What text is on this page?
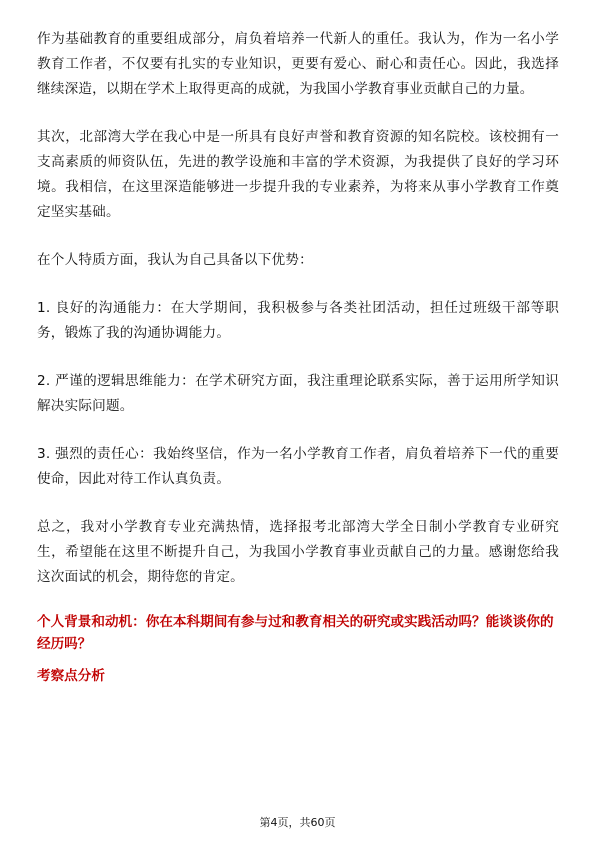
作为基础教育的重要组成部分，肩负着培养一代新人的重任。我认为，作为一名小学教育工作者，不仅要有扎实的专业知识，更要有爱心、耐心和责任心。因此，我选择继续深造，以期在学术上取得更高的成就，为我国小学教育事业贡献自己的力量。

其次，北部湾大学在我心中是一所具有良好声誉和教育资源的知名院校。该校拥有一支高素质的师资队伍，先进的教学设施和丰富的学术资源，为我提供了良好的学习环境。我相信，在这里深造能够进一步提升我的专业素养，为将来从事小学教育工作奠定坚实基础。

在个人特质方面，我认为自己具备以下优势：

1. 良好的沟通能力：在大学期间，我积极参与各类社团活动，担任过班级干部等职务，锻炼了我的沟通协调能力。

2. 严谨的逻辑思维能力：在学术研究方面，我注重理论联系实际，善于运用所学知识解决实际问题。

3. 强烈的责任心：我始终坚信，作为一名小学教育工作者，肩负着培养下一代的重要使命，因此对待工作认真负责。

总之，我对小学教育专业充满热情，选择报考北部湾大学全日制小学教育专业研究生，希望能在这里不断提升自己，为我国小学教育事业贡献自己的力量。感谢您给我这次面试的机会，期待您的肯定。

个人背景和动机：你在本科期间有参与过和教育相关的研究或实践活动吗？能谈谈你的经历吗？

考察点分析

第4页，共60页
